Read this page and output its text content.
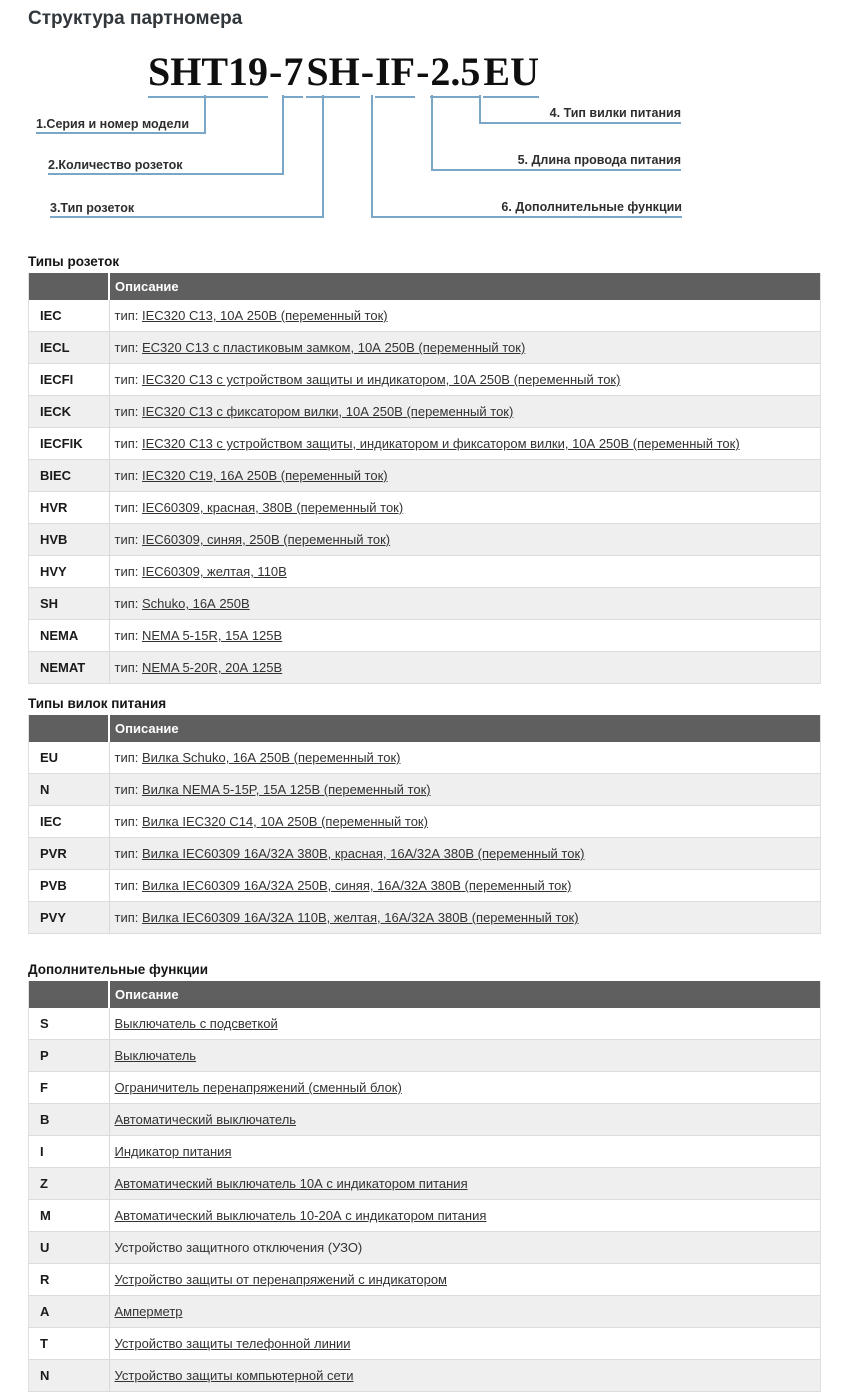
Структура партномера
SHT19 - 7 SH - IF - 2.5 EU
1.Серия и номер модели
2.Количество розеток
3.Тип розеток
4. Тип вилки питания
5. Длина провода питания
6. Дополнительные функции
Типы розеток
	Описание
IEC	тип: IEC320 C13, 10А 250В (переменный ток)
IECL	тип: ЕС320 C13 с пластиковым замком, 10А 250В (переменный ток)
IECFI	тип: IEC320 C13 с устройством защиты и индикатором, 10А 250В (переменный ток)
IECK	тип: IEC320 C13 с фиксатором вилки, 10А 250В (переменный ток)
IECFIK	тип: IEC320 C13 с устройством защиты, индикатором и фиксатором вилки, 10А 250В (переменный ток)
BIEC	тип: IEC320 C19, 16А 250В (переменный ток)
HVR	тип: IEC60309, красная, 380В (переменный ток)
HVB	тип: IEC60309, синяя, 250В (переменный ток)
HVY	тип: IEC60309, желтая, 110В
SH	тип: Schuko, 16А 250В
NEMA	тип: NEMA 5-15R, 15А 125В
NEMAT	тип: NEMA 5-20R, 20А 125В
Типы вилок питания
	Описание
EU	тип: Вилка Schuko, 16А 250В (переменный ток)
N	тип: Вилка NEMA 5-15P, 15А 125В (переменный ток)
IEC	тип: Вилка IEC320 C14, 10А 250В (переменный ток)
PVR	тип: Вилка IEC60309 16А/32А 380В, красная, 16А/32А 380В (переменный ток)
PVB	тип: Вилка IEC60309 16А/32А 250В, синяя, 16А/32А 380В (переменный ток)
PVY	тип: Вилка IEC60309 16А/32А 110В, желтая, 16А/32А 380В (переменный ток)
Дополнительные функции
	Описание
S	Выключатель с подсветкой
P	Выключатель
F	Ограничитель перенапряжений (сменный блок)
B	Автоматический выключатель
I	Индикатор питания
Z	Автоматический выключатель 10А с индикатором питания
M	Автоматический выключатель 10-20А с индикатором питания
U	Устройство защитного отключения (УЗО)
R	Устройство защиты от перенапряжений с индикатором
A	Амперметр
T	Устройство защиты телефонной линии
N	Устройство защиты компьютерной сети
